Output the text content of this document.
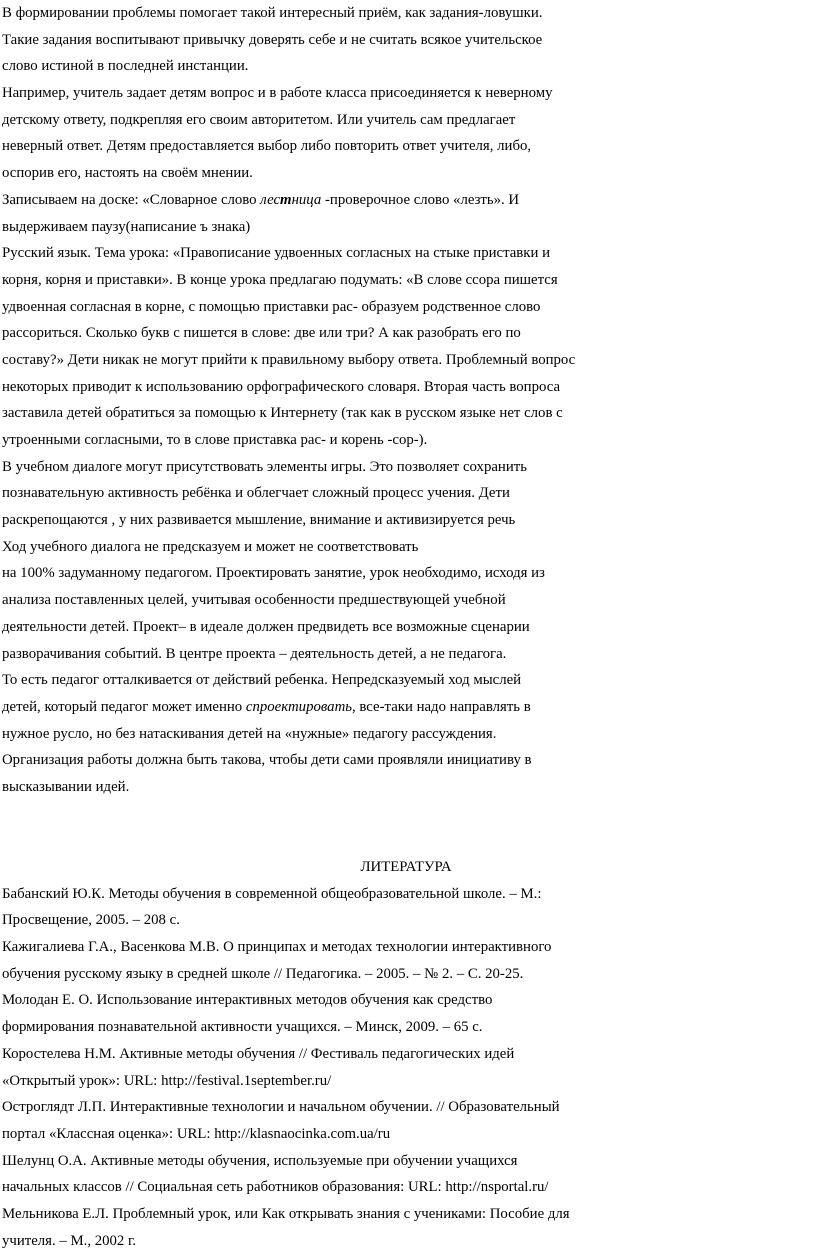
В формировании проблемы помогает такой интересный приём, как задания-ловушки.
Такие задания воспитывают привычку доверять себе и не считать всякое учительское
слово истиной в последней инстанции.
Например, учитель задает детям вопрос и в работе класса присоединяется к неверному
детскому ответу, подкрепляя его своим авторитетом. Или учитель сам предлагает
неверный ответ. Детям предоставляется выбор либо повторить ответ учителя, либо,
оспорив его, настоять на своём мнении.
Записываем на доске: «Словарное слово лестница -проверочное слово «лезть». И
выдерживаем паузу(написание ъ знака)
Русский язык. Тема урока: «Правописание удвоенных согласных на стыке приставки и
корня, корня и приставки». В конце урока предлагаю подумать: «В слове ссора пишется
удвоенная согласная в корне, с помощью приставки рас- образуем родственное слово
рассориться. Сколько букв с пишется в слове: две или три? А как разобрать его по
составу?» Дети никак не могут прийти к правильному выбору ответа. Проблемный вопрос
некоторых приводит к использованию орфографического словаря. Вторая часть вопроса
заставила детей обратиться за помощью к Интернету (так как в русском языке нет слов с
утроенными согласными, то в слове приставка рас- и корень -сор-).
В учебном диалоге могут присутствовать элементы игры. Это позволяет сохранить
познавательную активность ребёнка и облегчает сложный процесс учения. Дети
раскрепощаются , у них развивается мышление, внимание и активизируется речь
Ход учебного диалога не предсказуем и может не соответствовать
на 100% задуманному педагогом. Проектировать занятие, урок необходимо, исходя из
анализа поставленных целей, учитывая особенности предшествующей учебной
деятельности детей. Проект– в идеале должен предвидеть все возможные сценарии
разворачивания событий. В центре проекта – деятельность детей, а не педагога.
То есть педагог отталкивается от действий ребенка. Непредсказуемый ход мыслей
детей, который педагог может именно спроектировать, все-таки надо направлять в
нужное русло, но без натаскивания детей на «нужные» педагогу рассуждения.
Организация работы должна быть такова, чтобы дети сами проявляли инициативу в
высказывании идей.
ЛИТЕРАТУРА
Бабанский Ю.К. Методы обучения в современной общеобразовательной школе. – М.:
Просвещение, 2005. – 208 с.
Кажигалиева Г.А., Васенкова М.В. О принципах и методах технологии интерактивного
обучения русскому языку в средней школе // Педагогика. – 2005. – № 2. – С. 20-25.
Молодан Е. О. Использование интерактивных методов обучения как средство
формирования познавательной активности учащихся. – Минск, 2009. – 65 с.
Коростелева Н.М. Активные методы обучения // Фестиваль педагогических идей
«Открытый урок»: URL: http://festival.1september.ru/
Остроглядт Л.П. Интерактивные технологии и начальном обучении. // Образовательный
портал «Классная оценка»: URL: http://klasnaocinka.com.ua/ru
Шелунц О.А. Активные методы обучения, используемые при обучении учащихся
начальных классов // Социальная сеть работников образования: URL: http://nsportal.ru/
Мельникова Е.Л. Проблемный урок, или Как открывать знания с учениками: Пособие для
учителя. – М., 2002 г.
